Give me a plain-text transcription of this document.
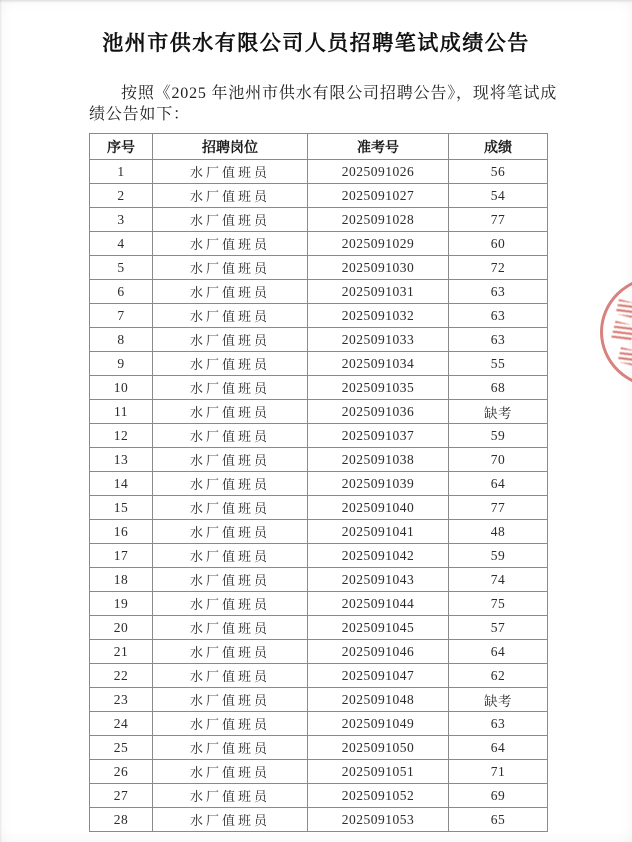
池州市供水有限公司人员招聘笔试成绩公告

按照《2025 年池州市供水有限公司招聘公告》，现将笔试成绩公告如下：

序号	招聘岗位	准考号	成绩
1	水厂值班员	2025091026	56
2	水厂值班员	2025091027	54
3	水厂值班员	2025091028	77
4	水厂值班员	2025091029	60
5	水厂值班员	2025091030	72
6	水厂值班员	2025091031	63
7	水厂值班员	2025091032	63
8	水厂值班员	2025091033	63
9	水厂值班员	2025091034	55
10	水厂值班员	2025091035	68
11	水厂值班员	2025091036	缺考
12	水厂值班员	2025091037	59
13	水厂值班员	2025091038	70
14	水厂值班员	2025091039	64
15	水厂值班员	2025091040	77
16	水厂值班员	2025091041	48
17	水厂值班员	2025091042	59
18	水厂值班员	2025091043	74
19	水厂值班员	2025091044	75
20	水厂值班员	2025091045	57
21	水厂值班员	2025091046	64
22	水厂值班员	2025091047	62
23	水厂值班员	2025091048	缺考
24	水厂值班员	2025091049	63
25	水厂值班员	2025091050	64
26	水厂值班员	2025091051	71
27	水厂值班员	2025091052	69
28	水厂值班员	2025091053	65
